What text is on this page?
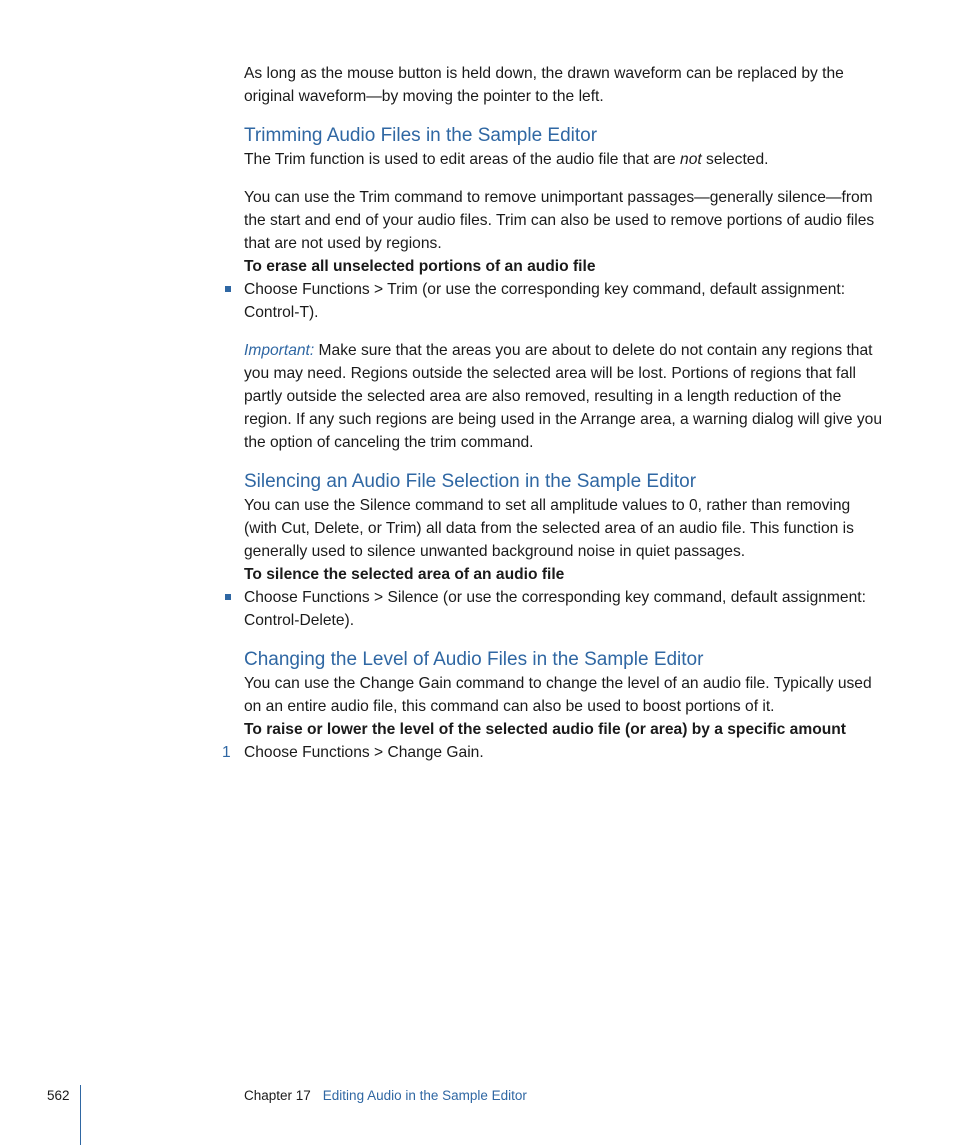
As long as the mouse button is held down, the drawn waveform can be replaced by the original waveform—by moving the pointer to the left.

Trimming Audio Files in the Sample Editor

The Trim function is used to edit areas of the audio file that are not selected.

You can use the Trim command to remove unimportant passages—generally silence—from the start and end of your audio files. Trim can also be used to remove portions of audio files that are not used by regions.

To erase all unselected portions of an audio file

Choose Functions > Trim (or use the corresponding key command, default assignment: Control-T).

Important: Make sure that the areas you are about to delete do not contain any regions that you may need. Regions outside the selected area will be lost. Portions of regions that fall partly outside the selected area are also removed, resulting in a length reduction of the region. If any such regions are being used in the Arrange area, a warning dialog will give you the option of canceling the trim command.

Silencing an Audio File Selection in the Sample Editor

You can use the Silence command to set all amplitude values to 0, rather than removing (with Cut, Delete, or Trim) all data from the selected area of an audio file. This function is generally used to silence unwanted background noise in quiet passages.

To silence the selected area of an audio file

Choose Functions > Silence (or use the corresponding key command, default assignment: Control-Delete).

Changing the Level of Audio Files in the Sample Editor

You can use the Change Gain command to change the level of an audio file. Typically used on an entire audio file, this command can also be used to boost portions of it.

To raise or lower the level of the selected audio file (or area) by a specific amount

1 Choose Functions > Change Gain.

562	Chapter 17 Editing Audio in the Sample Editor
